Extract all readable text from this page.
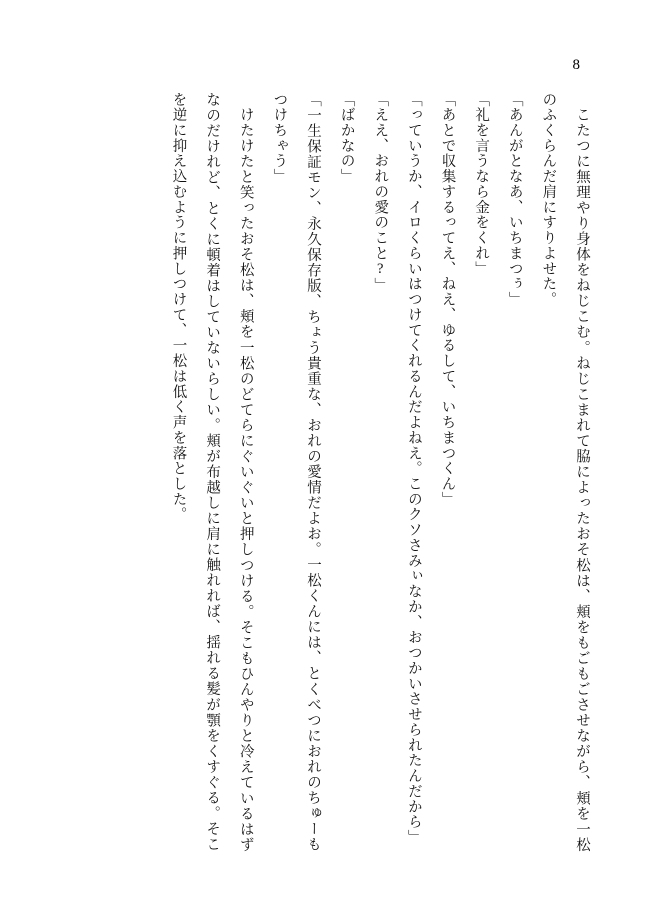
8

こたつに無理やり身体をねじこむ。ねじこまれて脇によったおそ松は、頬をもごもごさせながら、頬を一松のふくらんだ肩にすりよせた。

「あんがとなあ、いちまつぅ」

「礼を言うなら金をくれ」

「あとで収集するってえ、ねえ、ゆるして、いちまつくん」

「っていうか、イロくらいはつけてくれるんだよねえ。このクソさみぃなか、おつかいさせられたんだから」

「ええ、おれの愛のこと?」

「ばかなの」

「一生保証モン、永久保存版、ちょう貴重な、おれの愛情だよお。一松くんには、とくべつにおれのちゅーもつけちゃう」

けたけたと笑ったおそ松は、頬を一松のどてらにぐいぐいと押しつける。そこもひんやりと冷えているはずなのだけれど、とくに頓着はしていないらしい。頬が布越しに肩に触れれば、揺れる髪が顎をくすぐる。そこを逆に抑え込むように押しつけて、一松は低く声を落とした。
